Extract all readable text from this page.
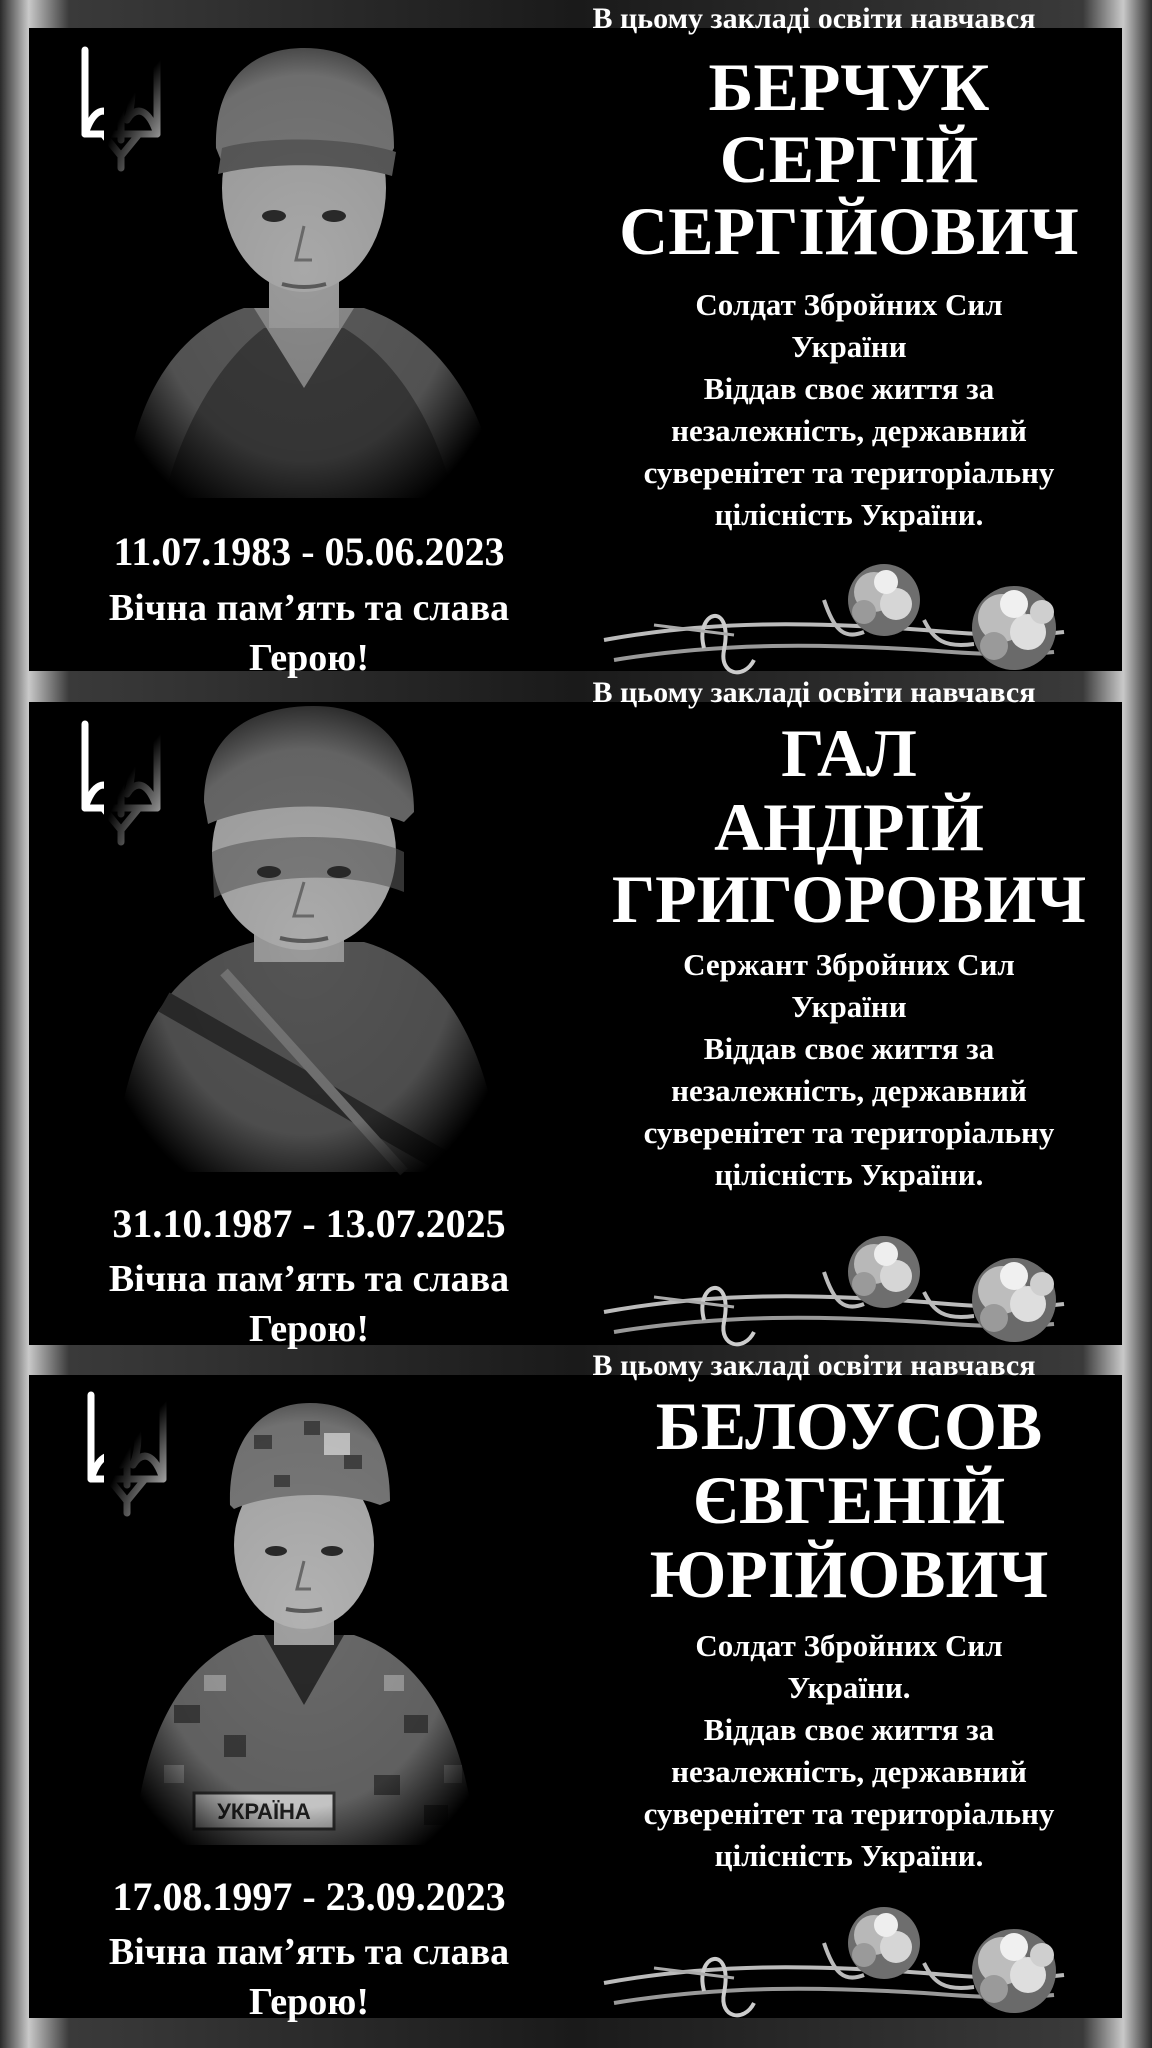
В цьому закладі освіти навчався
11.07.1983 - 05.06.2023
Вічна пам’ять та слава
Герою!
БЕРЧУК
СЕРГІЙ
СЕРГІЙОВИЧ
Солдат Збройних Сил
України
Віддав своє життя за
незалежність, державний
суверенітет та територіальну
цілісність України.
В цьому закладі освіти навчався
31.10.1987 - 13.07.2025
Вічна пам’ять та слава
Герою!
ГАЛ
АНДРІЙ
ГРИГОРОВИЧ
Сержант Збройних Сил
України
Віддав своє життя за
незалежність, державний
суверенітет та територіальну
цілісність України.
В цьому закладі освіти навчався
17.08.1997 - 23.09.2023
Вічна пам’ять та слава
Герою!
БЕЛОУСОВ
ЄВГЕНІЙ
ЮРІЙОВИЧ
Солдат Збройних Сил
України.
Віддав своє життя за
незалежність, державний
суверенітет та територіальну
цілісність України.
